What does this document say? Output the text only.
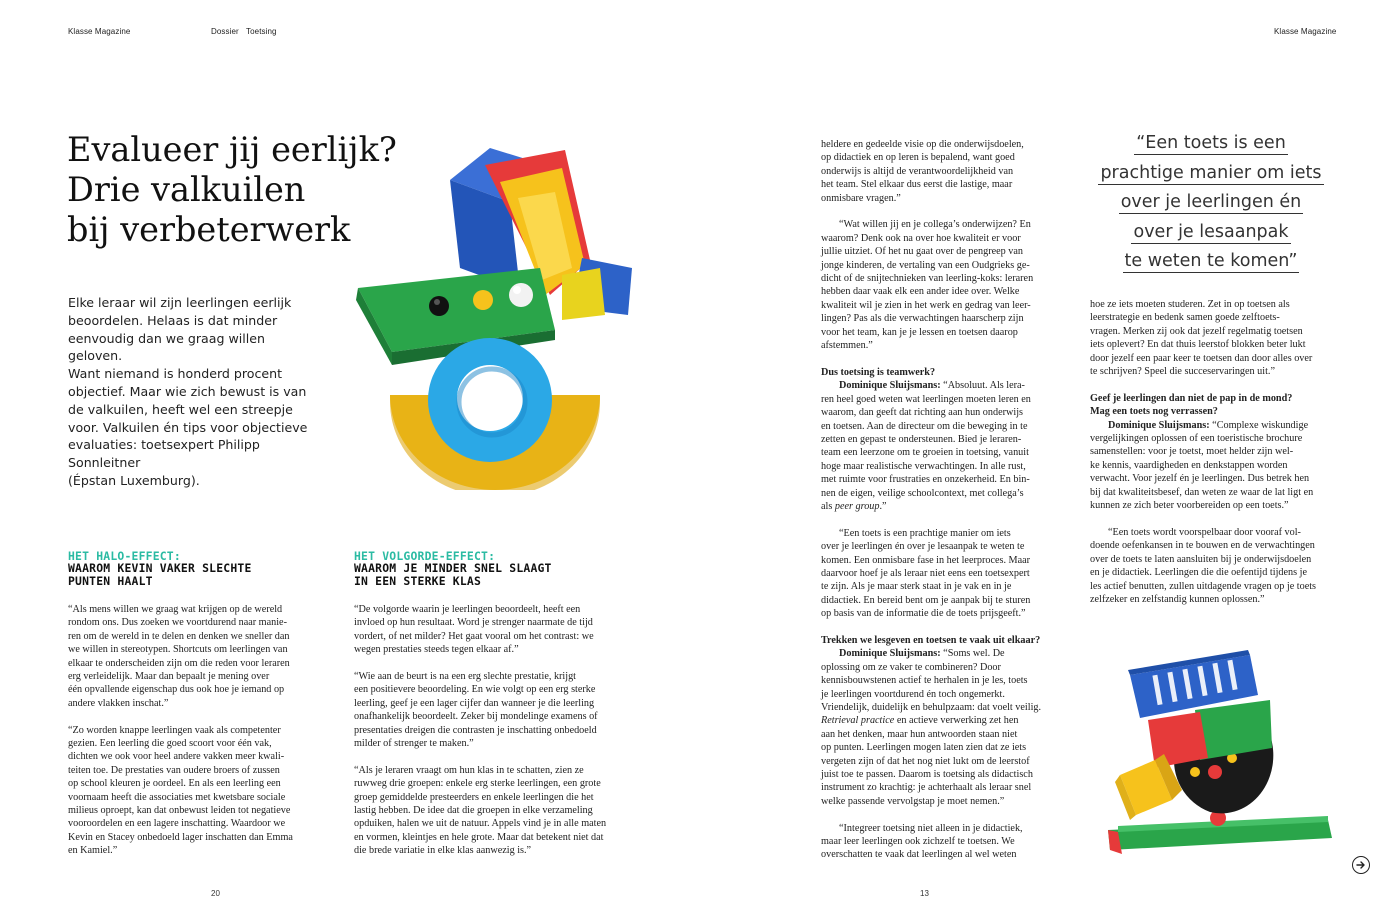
Klasse Magazine	Dossier Toetsing	Klasse Magazine
Evalueer jij eerlijk?
Drie valkuilen
bij verbeterwerk
Elke leraar wil zijn leerlingen eerlijk
beoordelen. Helaas is dat minder
eenvoudig dan we graag willen geloven.
Want niemand is honderd procent
objectief. Maar wie zich bewust is van
de valkuilen, heeft wel een streepje
voor. Valkuilen én tips voor objectieve
evaluaties: toetsexpert Philipp Sonnleitner
(Épstan Luxemburg).
HET HALO-EFFECT:
WAAROM KEVIN VAKER SLECHTE
PUNTEN HAALT

“Als mens willen we graag wat krijgen op de wereld
rondom ons. Dus zoeken we voortdurend naar manie-
ren om de wereld in te delen en denken we sneller dan
we willen in stereotypen. Shortcuts om leerlingen van
elkaar te onderscheiden zijn om die reden voor leraren
erg verleidelijk. Maar dan bepaalt je mening over
één opvallende eigenschap dus ook hoe je iemand op
andere vlakken inschat.”

“Zo worden knappe leerlingen vaak als competenter
gezien. Een leerling die goed scoort voor één vak,
dichten we ook voor heel andere vakken meer kwali-
teiten toe. De prestaties van oudere broers of zussen
op school kleuren je oordeel. En als een leerling een
voornaam heeft die associaties met kwetsbare sociale
milieus oproept, kan dat onbewust leiden tot negatieve
vooroordelen en een lagere inschatting. Waardoor we
Kevin en Stacey onbedoeld lager inschatten dan Emma
en Kamiel.”

HET VOLGORDE-EFFECT:
WAAROM JE MINDER SNEL SLAAGT
IN EEN STERKE KLAS

“De volgorde waarin je leerlingen beoordeelt, heeft een
invloed op hun resultaat. Word je strenger naarmate de tijd
vordert, of net milder? Het gaat vooral om het contrast: we
wegen prestaties steeds tegen elkaar af.”

“Wie aan de beurt is na een erg slechte prestatie, krijgt
een positievere beoordeling. En wie volgt op een erg sterke
leerling, geef je een lager cijfer dan wanneer je die leerling
onafhankelijk beoordeelt. Zeker bij mondelinge examens of
presentaties dreigen die contrasten je inschatting onbedoeld
milder of strenger te maken.”

“Als je leraren vraagt om hun klas in te schatten, zien ze
ruwweg drie groepen: enkele erg sterke leerlingen, een grote
groep gemiddelde presteerders en enkele leerlingen die het
lastig hebben. De idee dat die groepen in elke verzameling
opduiken, halen we uit de natuur. Appels vind je in alle maten
en vormen, kleintjes en hele grote. Maar dat betekent niet dat
die brede variatie in elke klas aanwezig is.”

heldere en gedeelde visie op die onderwijsdoelen,
op didactiek en op leren is bepalend, want goed
onderwijs is altijd de verantwoordelijkheid van
het team. Stel elkaar dus eerst die lastige, maar
onmisbare vragen.”

“Wat willen jij en je collega’s onderwijzen? En
waarom? Denk ook na over hoe kwaliteit er voor
jullie uitziet. Of het nu gaat over de pengreep van
jonge kinderen, de vertaling van een Oudgrieks ge-
dicht of de snijtechnieken van leerling-koks: leraren
hebben daar vaak elk een ander idee over. Welke
kwaliteit wil je zien in het werk en gedrag van leer-
lingen? Pas als die verwachtingen haarscherp zijn
voor het team, kan je je lessen en toetsen daarop
afstemmen.”

Dus toetsing is teamwerk?
Dominique Sluijsmans: “Absoluut. Als lera-
ren heel goed weten wat leerlingen moeten leren en
waarom, dan geeft dat richting aan hun onderwijs
en toetsen. Aan de directeur om die beweging in te
zetten en gepast te ondersteunen. Bied je leraren-
team een leerzone om te groeien in toetsing, vanuit
hoge maar realistische verwachtingen. In alle rust,
met ruimte voor frustraties en onzekerheid. En bin-
nen de eigen, veilige schoolcontext, met collega’s
als peer group.”

“Een toets is een prachtige manier om iets
over je leerlingen én over je lesaanpak te weten te
komen. Een onmisbare fase in het leerproces. Maar
daarvoor hoef je als leraar niet eens een toetsexpert
te zijn. Als je maar sterk staat in je vak en in je
didactiek. En bereid bent om je aanpak bij te sturen
op basis van de informatie die de toets prijsgeeft.”

Trekken we lesgeven en toetsen te vaak uit elkaar?
Dominique Sluijsmans: “Soms wel. De
oplossing om ze vaker te combineren? Door
kennisbouwstenen actief te herhalen in je les, toets
je leerlingen voortdurend én toch ongemerkt.
Vriendelijk, duidelijk en behulpzaam: dat voelt veilig.
Retrieval practice en actieve verwerking zet hen
aan het denken, maar hun antwoorden staan niet
op punten. Leerlingen mogen laten zien dat ze iets
vergeten zijn of dat het nog niet lukt om de leerstof
juist toe te passen. Daarom is toetsing als didactisch
instrument zo krachtig: je achterhaalt als leraar snel
welke passende vervolgstap je moet nemen.”

“Integreer toetsing niet alleen in je didactiek,
maar leer leerlingen ook zichzelf te toetsen. We
overschatten te vaak dat leerlingen al wel weten

“Een toets is een
prachtige manier om iets
over je leerlingen én
over je lesaanpak
te weten te komen”

hoe ze iets moeten studeren. Zet in op toetsen als
leerstrategie en bedenk samen goede zelftoets-
vragen. Merken zij ook dat jezelf regelmatig toetsen
iets oplevert? En dat thuis leerstof blokken beter lukt
door jezelf een paar keer te toetsen dan door alles over
te schrijven? Speel die succeservaringen uit.”

Geef je leerlingen dan niet de pap in de mond?
Mag een toets nog verrassen?
Dominique Sluijsmans: “Complexe wiskundige
vergelijkingen oplossen of een toeristische brochure
samenstellen: voor je toetst, moet helder zijn wel-
ke kennis, vaardigheden en denkstappen worden
verwacht. Voor jezelf én je leerlingen. Dus betrek hen
bij dat kwaliteitsbesef, dan weten ze waar de lat ligt en
kunnen ze zich beter voorbereiden op een toets.”

“Een toets wordt voorspelbaar door vooraf vol-
doende oefenkansen in te bouwen en de verwachtingen
over de toets te laten aansluiten bij je onderwijsdoelen
en je didactiek. Leerlingen die die oefentijd tijdens je
les actief benutten, zullen uitdagende vragen op je toets
zelfzeker en zelfstandig kunnen oplossen.”

20	13
